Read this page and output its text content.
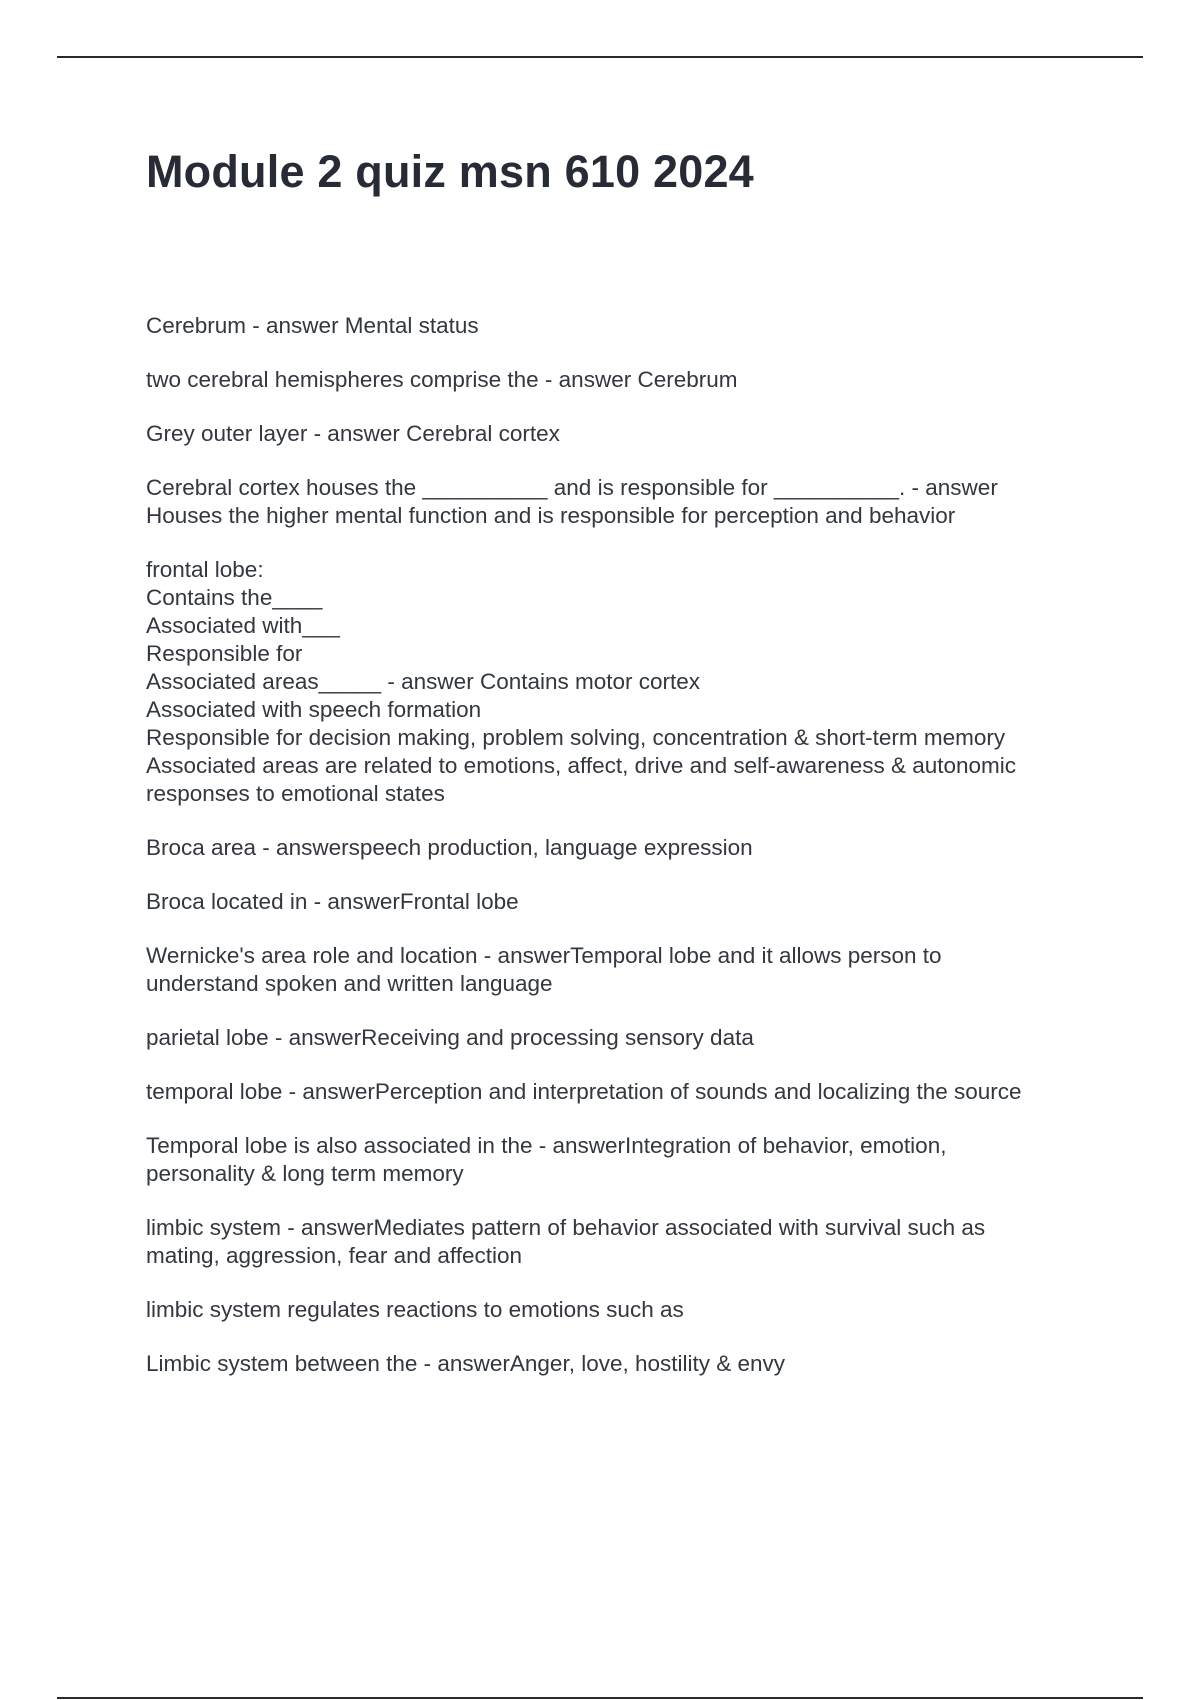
Module 2 quiz msn 610 2024

Cerebrum - answer Mental status

two cerebral hemispheres comprise the - answer Cerebrum

Grey outer layer - answer Cerebral cortex

Cerebral cortex houses the __________ and is responsible for __________. - answer
Houses the higher mental function and is responsible for perception and behavior

frontal lobe:
Contains the____
Associated with___
Responsible for
Associated areas_____ - answer Contains motor cortex
Associated with speech formation
Responsible for decision making, problem solving, concentration & short-term memory
Associated areas are related to emotions, affect, drive and self-awareness & autonomic
responses to emotional states

Broca area - answerspeech production, language expression

Broca located in - answerFrontal lobe

Wernicke's area role and location - answerTemporal lobe and it allows person to
understand spoken and written language

parietal lobe - answerReceiving and processing sensory data

temporal lobe - answerPerception and interpretation of sounds and localizing the source

Temporal lobe is also associated in the - answerIntegration of behavior, emotion,
personality & long term memory

limbic system - answerMediates pattern of behavior associated with survival such as
mating, aggression, fear and affection

limbic system regulates reactions to emotions such as

Limbic system between the - answerAnger, love, hostility & envy
